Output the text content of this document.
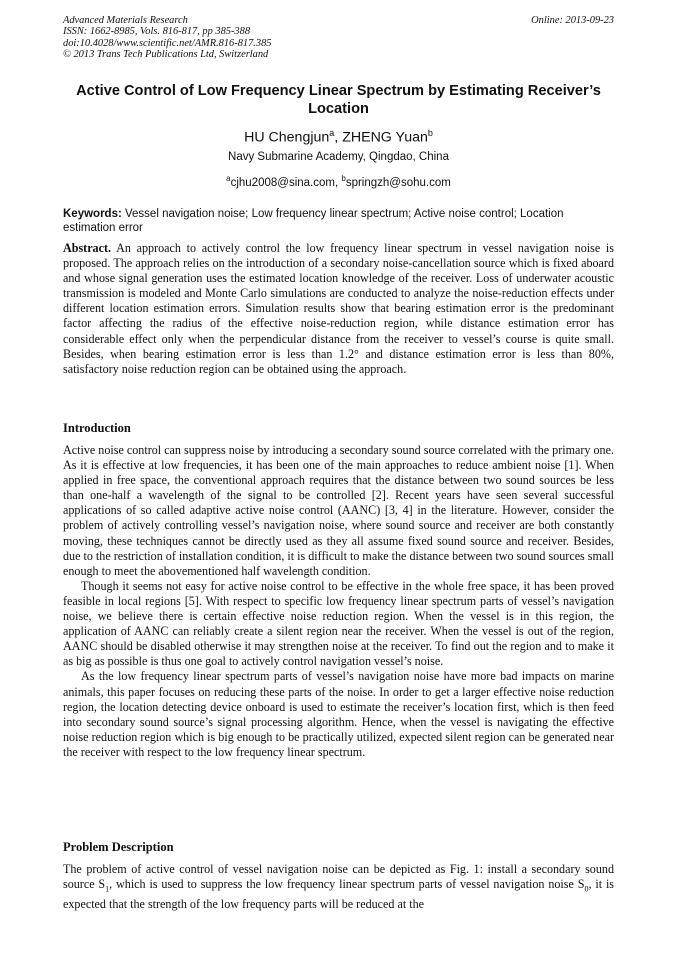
Advanced Materials Research
ISSN: 1662-8985, Vols. 816-817, pp 385-388
doi:10.4028/www.scientific.net/AMR.816-817.385
© 2013 Trans Tech Publications Ltd, Switzerland
Online: 2013-09-23
Active Control of Low Frequency Linear Spectrum by Estimating Receiver’s Location
HU Chengjun$^a$, ZHENG Yuan$^b$
Navy Submarine Academy, Qingdao, China
$^a$cjhu2008@sina.com, $^b$springzh@sohu.com
Keywords: Vessel navigation noise; Low frequency linear spectrum; Active noise control; Location estimation error
Abstract. An approach to actively control the low frequency linear spectrum in vessel navigation noise is proposed. The approach relies on the introduction of a secondary noise-cancellation source which is fixed aboard and whose signal generation uses the estimated location knowledge of the receiver. Loss of underwater acoustic transmission is modeled and Monte Carlo simulations are conducted to analyze the noise-reduction effects under different location estimation errors. Simulation results show that bearing estimation error is the predominant factor affecting the radius of the effective noise-reduction region, while distance estimation error has considerable effect only when the perpendicular distance from the receiver to vessel’s course is quite small. Besides, when bearing estimation error is less than 1.2° and distance estimation error is less than 80%, satisfactory noise reduction region can be obtained using the approach.
Introduction

Active noise control can suppress noise by introducing a secondary sound source correlated with the primary one. As it is effective at low frequencies, it has been one of the main approaches to reduce ambient noise [1]. When applied in free space, the conventional approach requires that the distance between two sound sources be less than one-half a wavelength of the signal to be controlled [2]. Recent years have seen several successful applications of so called adaptive active noise control (AANC) [3, 4] in the literature. However, consider the problem of actively controlling vessel’s navigation noise, where sound source and receiver are both constantly moving, these techniques cannot be directly used as they all assume fixed sound source and receiver. Besides, due to the restriction of installation condition, it is difficult to make the distance between two sound sources small enough to meet the abovementioned half wavelength condition.

Though it seems not easy for active noise control to be effective in the whole free space, it has been proved feasible in local regions [5]. With respect to specific low frequency linear spectrum parts of vessel’s navigation noise, we believe there is certain effective noise reduction region. When the vessel is in this region, the application of AANC can reliably create a silent region near the receiver. When the vessel is out of the region, AANC should be disabled otherwise it may strengthen noise at the receiver. To find out the region and to make it as big as possible is thus one goal to actively control navigation vessel’s noise.

As the low frequency linear spectrum parts of vessel’s navigation noise have more bad impacts on marine animals, this paper focuses on reducing these parts of the noise. In order to get a larger effective noise reduction region, the location detecting device onboard is used to estimate the receiver’s location first, which is then feed into secondary sound source’s signal processing algorithm. Hence, when the vessel is navigating the effective noise reduction region which is big enough to be practically utilized, expected silent region can be generated near the receiver with respect to the low frequency linear spectrum.

Problem Description
The problem of active control of vessel navigation noise can be depicted as Fig. 1: install a secondary sound source $S_1$, which is used to suppress the low frequency linear spectrum parts of vessel navigation noise $S_0$, it is expected that the strength of the low frequency parts will be reduced at the
